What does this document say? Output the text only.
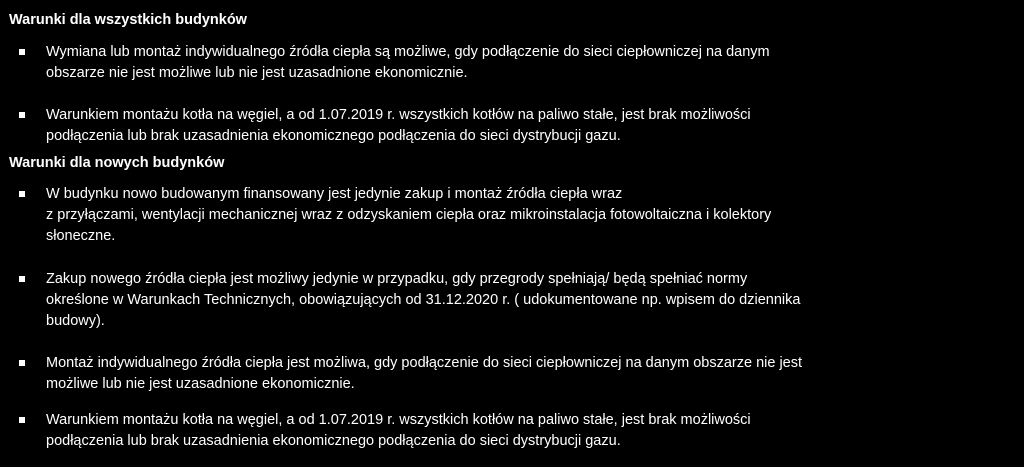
Warunki dla wszystkich budynków
Wymiana lub montaż indywidualnego źródła ciepła są możliwe, gdy podłączenie do sieci ciepłowniczej na danym
obszarze nie jest możliwe lub nie jest uzasadnione ekonomicznie.
Warunkiem montażu kotła na węgiel, a od 1.07.2019 r. wszystkich kotłów na paliwo stałe, jest brak możliwości
podłączenia lub brak uzasadnienia ekonomicznego podłączenia do sieci dystrybucji gazu.
Warunki dla nowych budynków
W budynku nowo budowanym finansowany jest jedynie zakup i montaż źródła ciepła wraz
z przyłączami, wentylacji mechanicznej wraz z odzyskaniem ciepła oraz mikroinstalacja fotowoltaiczna i kolektory
słoneczne.
Zakup nowego źródła ciepła jest możliwy jedynie w przypadku, gdy przegrody spełniają/ będą spełniać normy
określone w Warunkach Technicznych, obowiązujących od 31.12.2020 r. ( udokumentowane np. wpisem do dziennika
budowy).
Montaż indywidualnego źródła ciepła jest możliwa, gdy podłączenie do sieci ciepłowniczej na danym obszarze nie jest
możliwe lub nie jest uzasadnione ekonomicznie.
Warunkiem montażu kotła na węgiel, a od 1.07.2019 r. wszystkich kotłów na paliwo stałe, jest brak możliwości
podłączenia lub brak uzasadnienia ekonomicznego podłączenia do sieci dystrybucji gazu.
